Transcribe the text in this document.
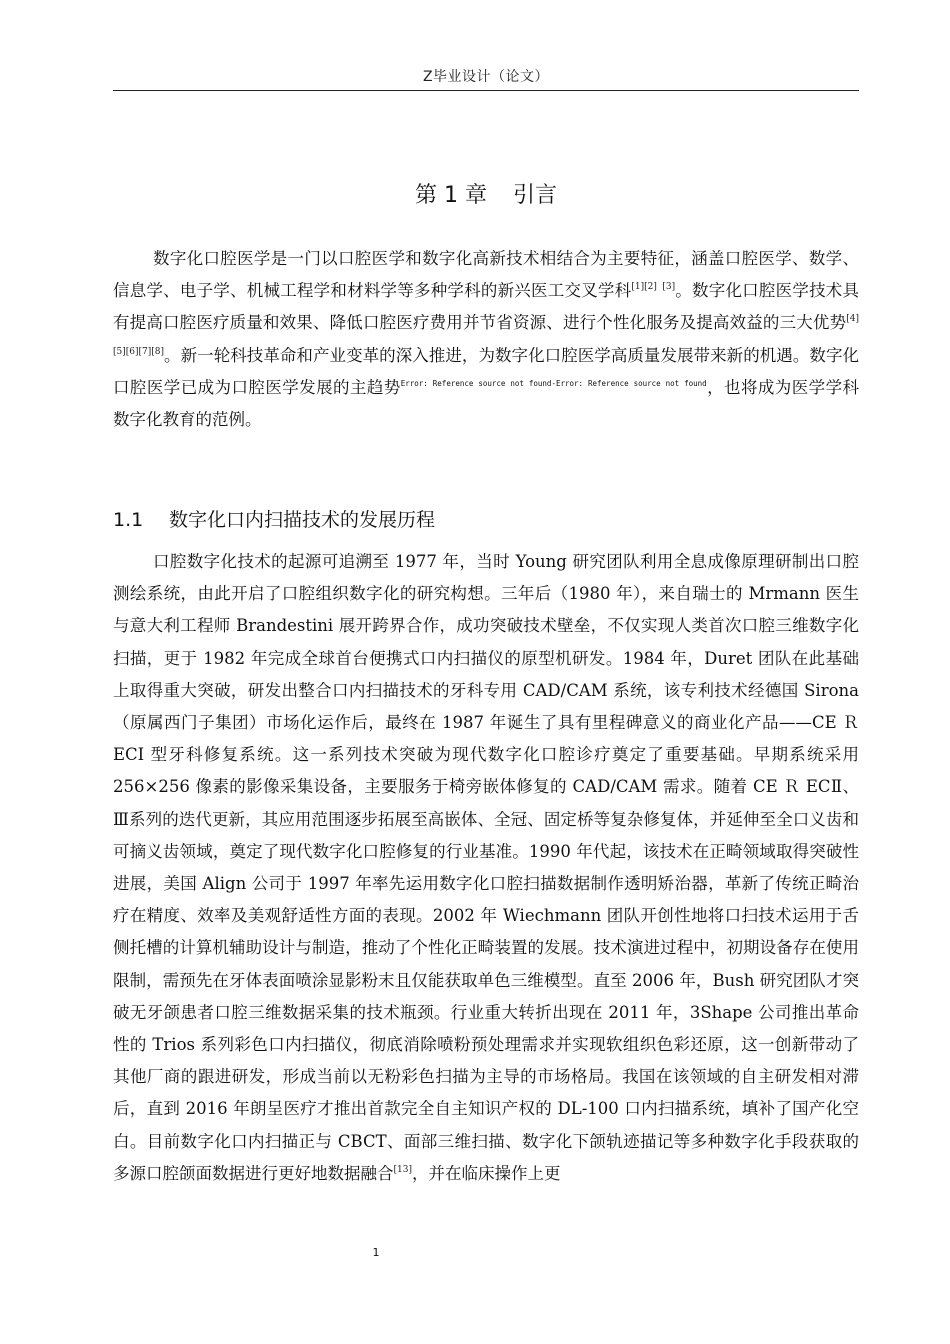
Z毕业设计（论文）
第 1 章 引言

数字化口腔医学是一门以口腔医学和数字化高新技术相结合为主要特征，涵盖口腔医学、数学、信息学、电子学、机械工程学和材料学等多种学科的新兴医工交叉学科[1][2] [3]。数字化口腔医学技术具有提高口腔医疗质量和效果、降低口腔医疗费用并节省资源、进行个性化服务及提高效益的三大优势[4][5][6][7][8]。新一轮科技革命和产业变革的深入推进，为数字化口腔医学高质量发展带来新的机遇。数字化口腔医学已成为口腔医学发展的主趋势$^{Error: Reference source not found-Error: Reference source not found}$，也将成为医学学科数字化教育的范例。

1.1 数字化口内扫描技术的发展历程

口腔数字化技术的起源可追溯至 1977 年，当时 Young 研究团队利用全息成像原理研制出口腔测绘系统，由此开启了口腔组织数字化的研究构想。三年后（1980 年），来自瑞士的 Mrmann 医生与意大利工程师 Brandestini 展开跨界合作，成功突破技术壁垒，不仅实现人类首次口腔三维数字化扫描，更于 1982 年完成全球首台便携式口内扫描仪的原型机研发。1984 年，Duret 团队在此基础上取得重大突破，研发出整合口内扫描技术的牙科专用 CAD/CAM 系统，该专利技术经德国 Sirona（原属西门子集团）市场化运作后，最终在 1987 年诞生了具有里程碑意义的商业化产品——CE Ｒ ECI 型牙科修复系统。这一系列技术突破为现代数字化口腔诊疗奠定了重要基础。早期系统采用 256×256 像素的影像采集设备，主要服务于椅旁嵌体修复的 CAD/CAM 需求。随着 CE Ｒ ECⅡ、Ⅲ系列的迭代更新，其应用范围逐步拓展至高嵌体、全冠、固定桥等复杂修复体，并延伸至全口义齿和可摘义齿领域，奠定了现代数字化口腔修复的行业基准。1990 年代起，该技术在正畸领域取得突破性进展，美国 Align 公司于 1997 年率先运用数字化口腔扫描数据制作透明矫治器，革新了传统正畸治疗在精度、效率及美观舒适性方面的表现。2002 年 Wiechmann 团队开创性地将口扫技术运用于舌侧托槽的计算机辅助设计与制造，推动了个性化正畸装置的发展。技术演进过程中，初期设备存在使用限制，需预先在牙体表面喷涂显影粉末且仅能获取单色三维模型。直至 2006 年，Bush 研究团队才突破无牙颌患者口腔三维数据采集的技术瓶颈。行业重大转折出现在 2011 年，3Shape 公司推出革命性的 Trios 系列彩色口内扫描仪，彻底消除喷粉预处理需求并实现软组织色彩还原，这一创新带动了其他厂商的跟进研发，形成当前以无粉彩色扫描为主导的市场格局。我国在该领域的自主研发相对滞后，直到 2016 年朗呈医疗才推出首款完全自主知识产权的 DL-100 口内扫描系统，填补了国产化空白。目前数字化口内扫描正与 CBCT、面部三维扫描、数字化下颌轨迹描记等多种数字化手段获取的多源口腔颌面数据进行更好地数据融合[13]，并在临床操作上更

1
